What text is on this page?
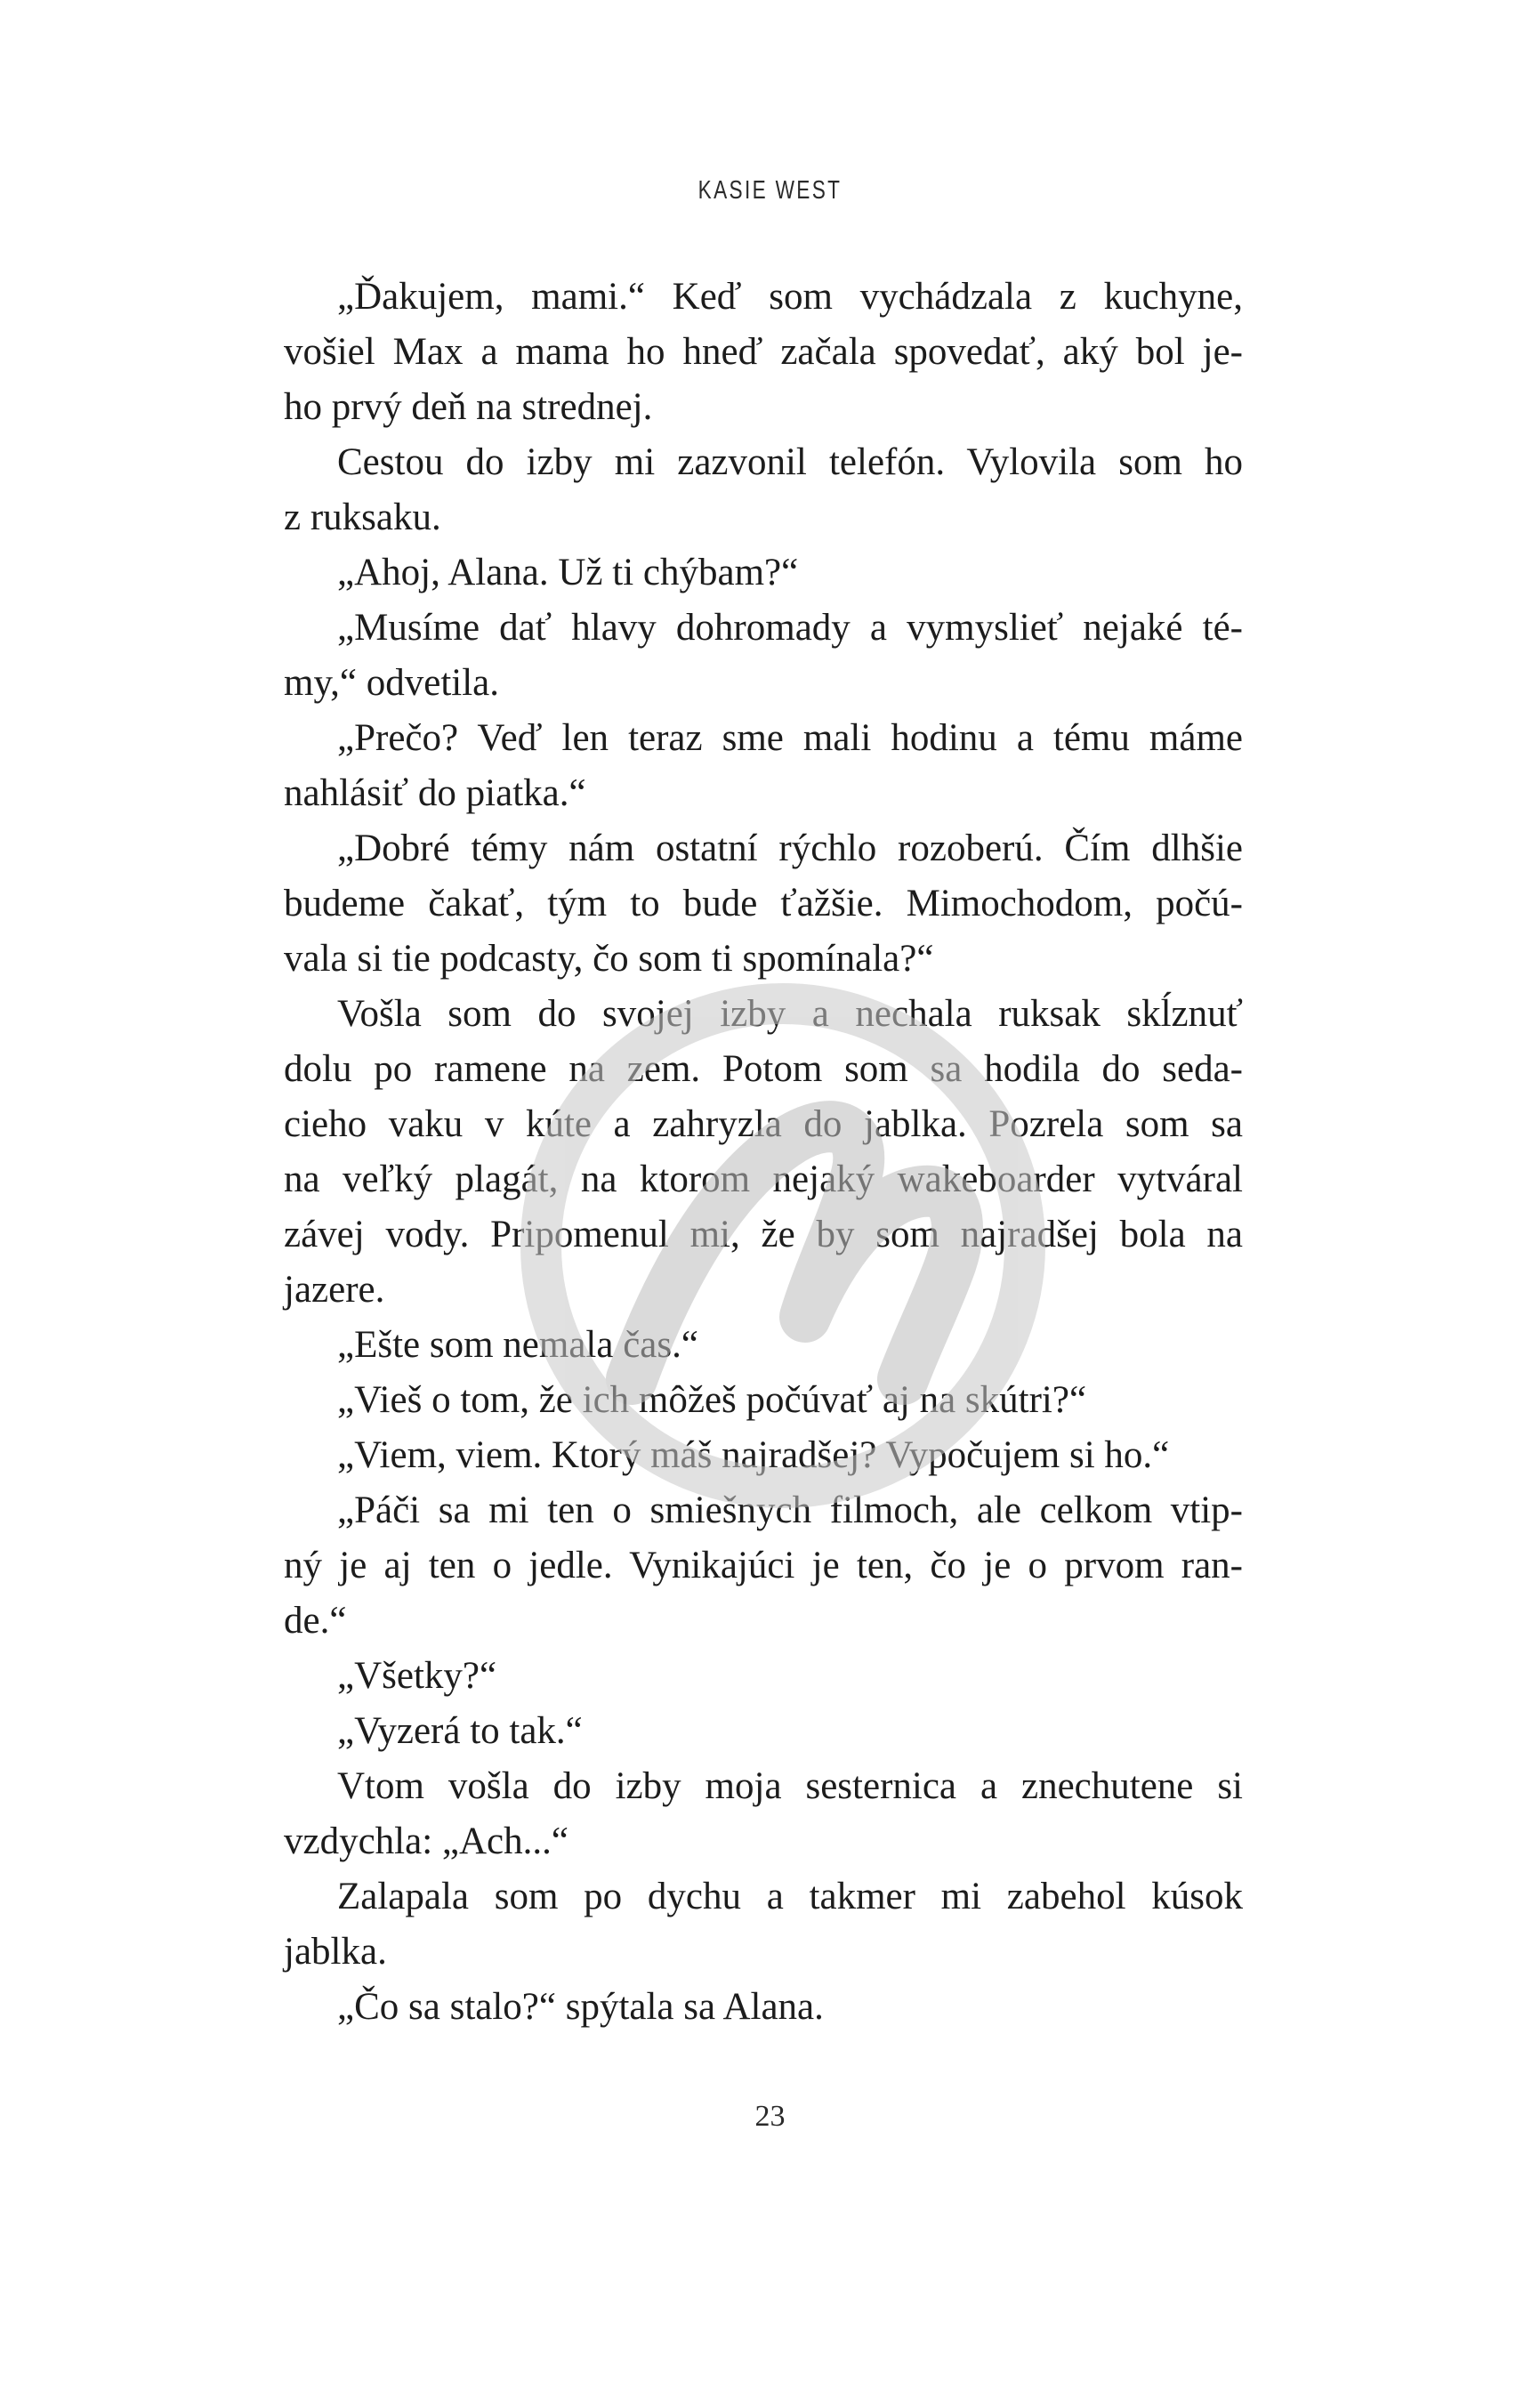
KASIE WEST
„Ďakujem, mami.“ Keď som vychádzala z kuchyne,
vošiel Max a mama ho hneď začala spovedať, aký bol je-
ho prvý deň na strednej.
Cestou do izby mi zazvonil telefón. Vylovila som ho
z ruksaku.
„Ahoj, Alana. Už ti chýbam?“
„Musíme dať hlavy dohromady a vymyslieť nejaké té-
my,“ odvetila.
„Prečo? Veď len teraz sme mali hodinu a tému máme
nahlásiť do piatka.“
„Dobré témy nám ostatní rýchlo rozoberú. Čím dlhšie
budeme čakať, tým to bude ťažšie. Mimochodom, počú-
vala si tie podcasty, čo som ti spomínala?“
Vošla som do svojej izby a nechala ruksak skĺznuť
dolu po ramene na zem. Potom som sa hodila do seda-
cieho vaku v kúte a zahryzla do jablka. Pozrela som sa
na veľký plagát, na ktorom nejaký wakeboarder vytváral
závej vody. Pripomenul mi, že by som najradšej bola na
jazere.
„Ešte som nemala čas.“
„Vieš o tom, že ich môžeš počúvať aj na skútri?“
„Viem, viem. Ktorý máš najradšej? Vypočujem si ho.“
„Páči sa mi ten o smiešnych filmoch, ale celkom vtip-
ný je aj ten o jedle. Vynikajúci je ten, čo je o prvom ran-
de.“
„Všetky?“
„Vyzerá to tak.“
Vtom vošla do izby moja sesternica a znechutene si
vzdychla: „Ach...“
Zalapala som po dychu a takmer mi zabehol kúsok
jablka.
„Čo sa stalo?“ spýtala sa Alana.
23
